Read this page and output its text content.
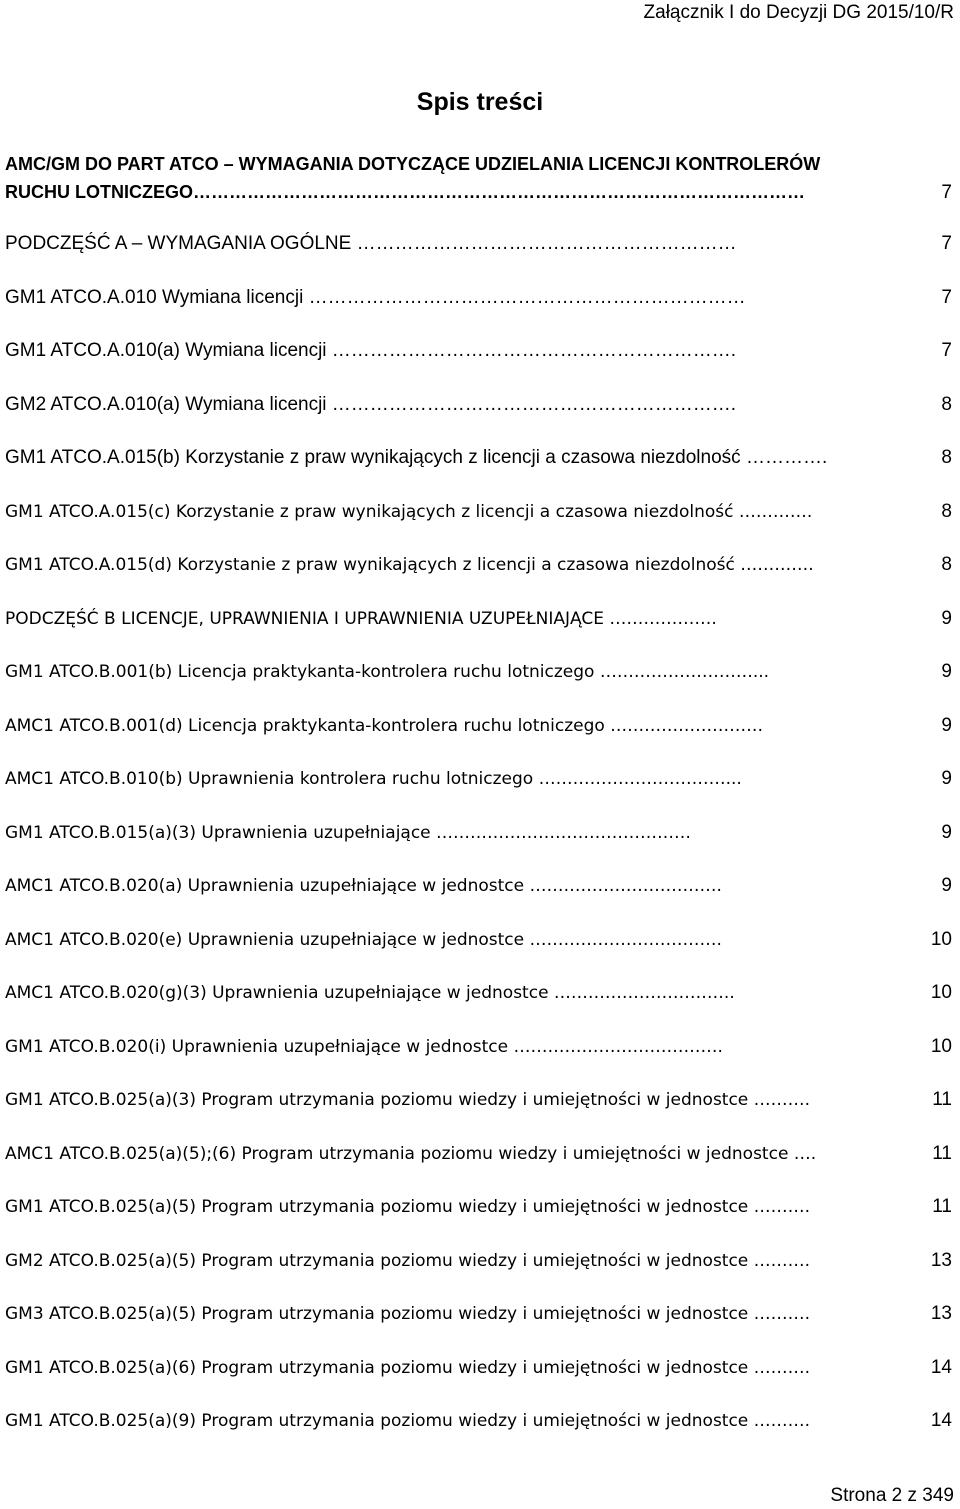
Załącznik I do Decyzji DG 2015/10/R
Spis treści
AMC/GM DO PART ATCO – WYMAGANIA DOTYCZĄCE UDZIELANIA LICENCJI KONTROLERÓW
RUCHU LOTNICZEGO…………………………………………………………………………………………	7
PODCZĘŚĆ A – WYMAGANIA OGÓLNE ……………………………………………………	7
GM1 ATCO.A.010 Wymiana licencji ……………………………………………………………	7
GM1 ATCO.A.010(a) Wymiana licencji ……………………………………………………….	7
GM2 ATCO.A.010(a) Wymiana licencji ……………………………………………………….	8
GM1 ATCO.A.015(b) Korzystanie z praw wynikających z licencji a czasowa niezdolność ………….	8
GM1 ATCO.A.015(c) Korzystanie z praw wynikających z licencji a czasowa niezdolność ………….	8
GM1 ATCO.A.015(d) Korzystanie z praw wynikających z licencji a czasowa niezdolność ………….	8
PODCZĘŚĆ B LICENCJE, UPRAWNIENIA I UPRAWNIENIA UZUPEŁNIAJĄCE ……………….	9
GM1 ATCO.B.001(b) Licencja praktykanta-kontrolera ruchu lotniczego ………………………...	9
AMC1 ATCO.B.001(d) Licencja praktykanta-kontrolera ruchu lotniczego ………………………	9
AMC1 ATCO.B.010(b) Uprawnienia kontrolera ruchu lotniczego ……………………………...	9
GM1 ATCO.B.015(a)(3) Uprawnienia uzupełniające ………………………………………	9
AMC1 ATCO.B.020(a) Uprawnienia uzupełniające w jednostce …………………………….	9
AMC1 ATCO.B.020(e) Uprawnienia uzupełniające w jednostce …………………………….	10
AMC1 ATCO.B.020(g)(3) Uprawnienia uzupełniające w jednostce …………………………..	10
GM1 ATCO.B.020(i) Uprawnienia uzupełniające w jednostce ……………………………….	10
GM1 ATCO.B.025(a)(3) Program utrzymania poziomu wiedzy i umiejętności w jednostce ……….	11
AMC1 ATCO.B.025(a)(5);(6) Program utrzymania poziomu wiedzy i umiejętności w jednostce ….	11
GM1 ATCO.B.025(a)(5) Program utrzymania poziomu wiedzy i umiejętności w jednostce ……….	11
GM2 ATCO.B.025(a)(5) Program utrzymania poziomu wiedzy i umiejętności w jednostce ……….	13
GM3 ATCO.B.025(a)(5) Program utrzymania poziomu wiedzy i umiejętności w jednostce ……….	13
GM1 ATCO.B.025(a)(6) Program utrzymania poziomu wiedzy i umiejętności w jednostce ……….	14
GM1 ATCO.B.025(a)(9) Program utrzymania poziomu wiedzy i umiejętności w jednostce ……….	14
Strona 2 z 349
